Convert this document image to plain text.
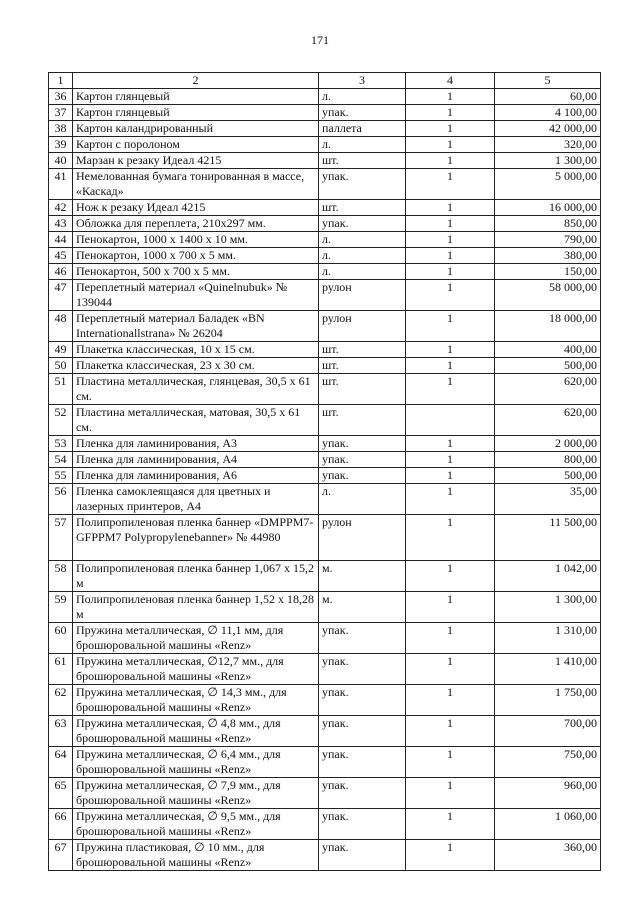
171
1	2	3	4	5
36	Картон глянцевый	л.	1	60,00
37	Картон глянцевый	упак.	1	4 100,00
38	Картон каландрированный	паллета	1	42 000,00
39	Картон с поролоном	л.	1	320,00
40	Марзан к резаку Идеал 4215	шт.	1	1 300,00
41	Немелованная бумага тонированная в массе, «Каскад»	упак.	1	5 000,00
42	Нож к резаку Идеал 4215	шт.	1	16 000,00
43	Обложка для переплета, 210x297 мм.	упак.	1	850,00
44	Пенокартон, 1000 x 1400 x 10 мм.	л.	1	790,00
45	Пенокартон, 1000 x 700 x 5 мм.	л.	1	380,00
46	Пенокартон, 500 x 700 x 5 мм.	л.	1	150,00
47	Переплетный материал «Quinelnubuk» № 139044	рулон	1	58 000,00
48	Переплетный материал Баладек «BN Internationallstrana» № 26204	рулон	1	18 000,00
49	Плакетка классическая, 10 x 15 см.	шт.	1	400,00
50	Плакетка классическая, 23 x 30 см.	шт.	1	500,00
51	Пластина металлическая, глянцевая, 30,5 x 61 см.	шт.	1	620,00
52	Пластина металлическая, матовая, 30,5 x 61 см.	шт.		620,00
53	Пленка для ламинирования, А3	упак.	1	2 000,00
54	Пленка для ламинирования, А4	упак.	1	800,00
55	Пленка для ламинирования, А6	упак.	1	500,00
56	Пленка самоклеящаяся для цветных и лазерных принтеров, А4	л.	1	35,00
57	Полипропиленовая пленка баннер «DMPPM7-GFPPM7 Polypropylenebanner» № 44980	рулон	1	11 500,00
58	Полипропиленовая пленка баннер 1,067 x 15,2 м	м.	1	1 042,00
59	Полипропиленовая пленка баннер 1,52 x 18,28 м	м.	1	1 300,00
60	Пружина металлическая, ∅ 11,1 мм, для брошюровальной машины «Renz»	упак.	1	1 310,00
61	Пружина металлическая, ∅12,7 мм., для брошюровальной машины «Renz»	упак.	1	1 410,00
62	Пружина металлическая, ∅ 14,3 мм., для брошюровальной машины «Renz»	упак.	1	1 750,00
63	Пружина металлическая, ∅ 4,8 мм., для брошюровальной машины «Renz»	упак.	1	700,00
64	Пружина металлическая, ∅ 6,4 мм., для брошюровальной машины «Renz»	упак.	1	750,00
65	Пружина металлическая, ∅ 7,9 мм., для брошюровальной машины «Renz»	упак.	1	960,00
66	Пружина металлическая, ∅ 9,5 мм., для брошюровальной машины «Renz»	упак.	1	1 060,00
67	Пружина пластиковая, ∅ 10 мм., для брошюровальной машины «Renz»	упак.	1	360,00
